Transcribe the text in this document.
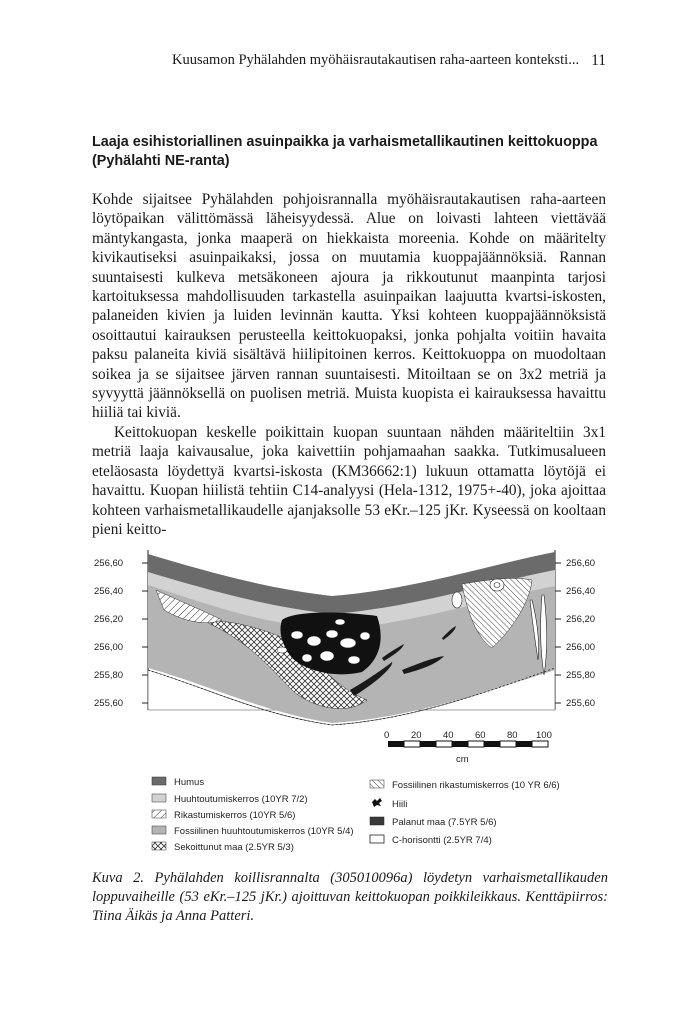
Kuusamon Pyhälahden myöhäisrautakautisen raha-aarteen konteksti... 11
Laaja esihistoriallinen asuinpaikka ja varhaismetallikautinen keittokuoppa
(Pyhälahti NE-ranta)

Kohde sijaitsee Pyhälahden pohjoisrannalla myöhäisrautakautisen raha-aarteen löytöpaikan välittömässä läheisyydessä. Alue on loivasti lahteen viettävää mäntykangasta, jonka maaperä on hiekkaista moreenia. Kohde on määritelty kivikautiseksi asuinpaikaksi, jossa on muutamia kuoppajäännöksiä. Rannan suuntaisesti kulkeva metsäkoneen ajoura ja rikkoutunut maanpinta tarjosi kartoituksessa mahdollisuuden tarkastella asuinpaikan laajuutta kvartsi-iskosten, palaneiden kivien ja luiden levinnän kautta. Yksi kohteen kuoppajäännöksistä osoittautui kairauksen perusteella keittokuopaksi, jonka pohjalta voitiin havaita paksu palaneita kiviä sisältävä hiilipitoinen kerros. Keittokuoppa on muodoltaan soikea ja se sijaitsee järven rannan suuntaisesti. Mitoiltaan se on 3x2 metriä ja syvyyttä jäännöksellä on puolisen metriä. Muista kuopista ei kairauksessa havaittu hiiliä tai kiviä.

Keittokuopan keskelle poikittain kuopan suuntaan nähden määriteltiin 3x1 metriä laaja kaivausalue, joka kaivettiin pohjamaahan saakka. Tutkimusalueen eteläosasta löydettyä kvartsi-iskosta (KM36662:1) lukuun ottamatta löytöjä ei havaittu. Kuopan hiilistä tehtiin C14-analyysi (Hela-1312, 1975+-40), joka ajoittaa kohteen varhaismetallikaudelle ajanjaksolle 53 eKr.–125 jKr. Kyseessä on kooltaan pieni keitto-

256,60
256,40
256,20
256,00
255,80
255,60
256,60
256,40
256,20
256,00
255,80
255,60
0 20 40 60 80 100
cm
Humus
Huuhtoutumiskerros (10YR 7/2)
Rikastumiskerros (10YR 5/6)
Fossiilinen huuhtoutumiskerros (10YR 5/4)
Sekoittunut maa (2.5YR 5/3)
Fossiilinen rikastumiskerros (10 YR 6/6)
Hiili
Palanut maa (7.5YR 5/6)
C-horisontti (2.5YR 7/4)
Kuva 2. Pyhälahden koillisrannalta (305010096a) löydetyn varhaismetallikauden loppuvaiheille (53 eKr.–125 jKr.) ajoittuvan keittokuopan poikkileikkaus. Kenttäpiirros: Tiina Äikäs ja Anna Patteri.
